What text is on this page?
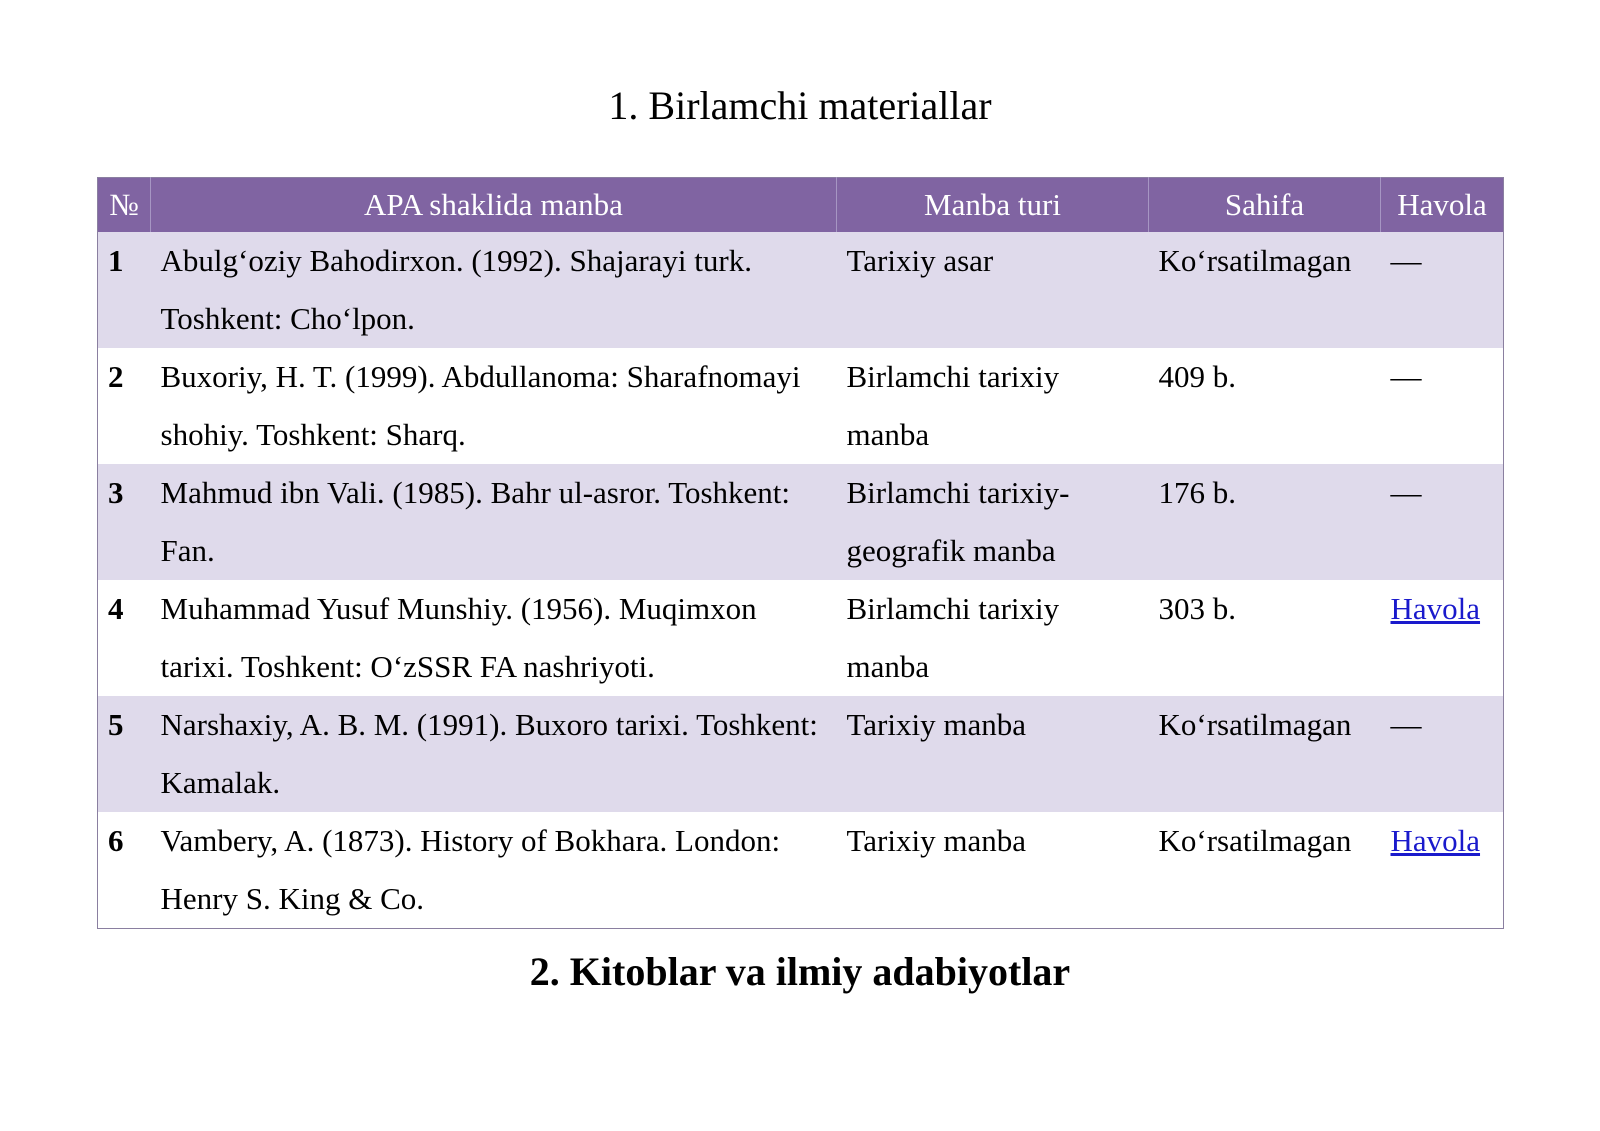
1. Birlamchi materiallar
№	APA shaklida manba	Manba turi	Sahifa	Havola
1	Abulg‘oziy Bahodirxon. (1992). Shajarayi turk. Toshkent: Cho‘lpon.	Tarixiy asar	Ko‘rsatilmagan	—
2	Buxoriy, H. T. (1999). Abdullanoma: Sharafnomayi shohiy. Toshkent: Sharq.	Birlamchi tarixiy manba	409 b.	—
3	Mahmud ibn Vali. (1985). Bahr ul-asror. Toshkent: Fan.	Birlamchi tarixiy-geografik manba	176 b.	—
4	Muhammad Yusuf Munshiy. (1956). Muqimxon tarixi. Toshkent: O‘zSSR FA nashriyoti.	Birlamchi tarixiy manba	303 b.	Havola
5	Narshaxiy, A. B. M. (1991). Buxoro tarixi. Toshkent: Kamalak.	Tarixiy manba	Ko‘rsatilmagan	—
6	Vambery, A. (1873). History of Bokhara. London: Henry S. King & Co.	Tarixiy manba	Ko‘rsatilmagan	Havola
2. Kitoblar va ilmiy adabiyotlar
